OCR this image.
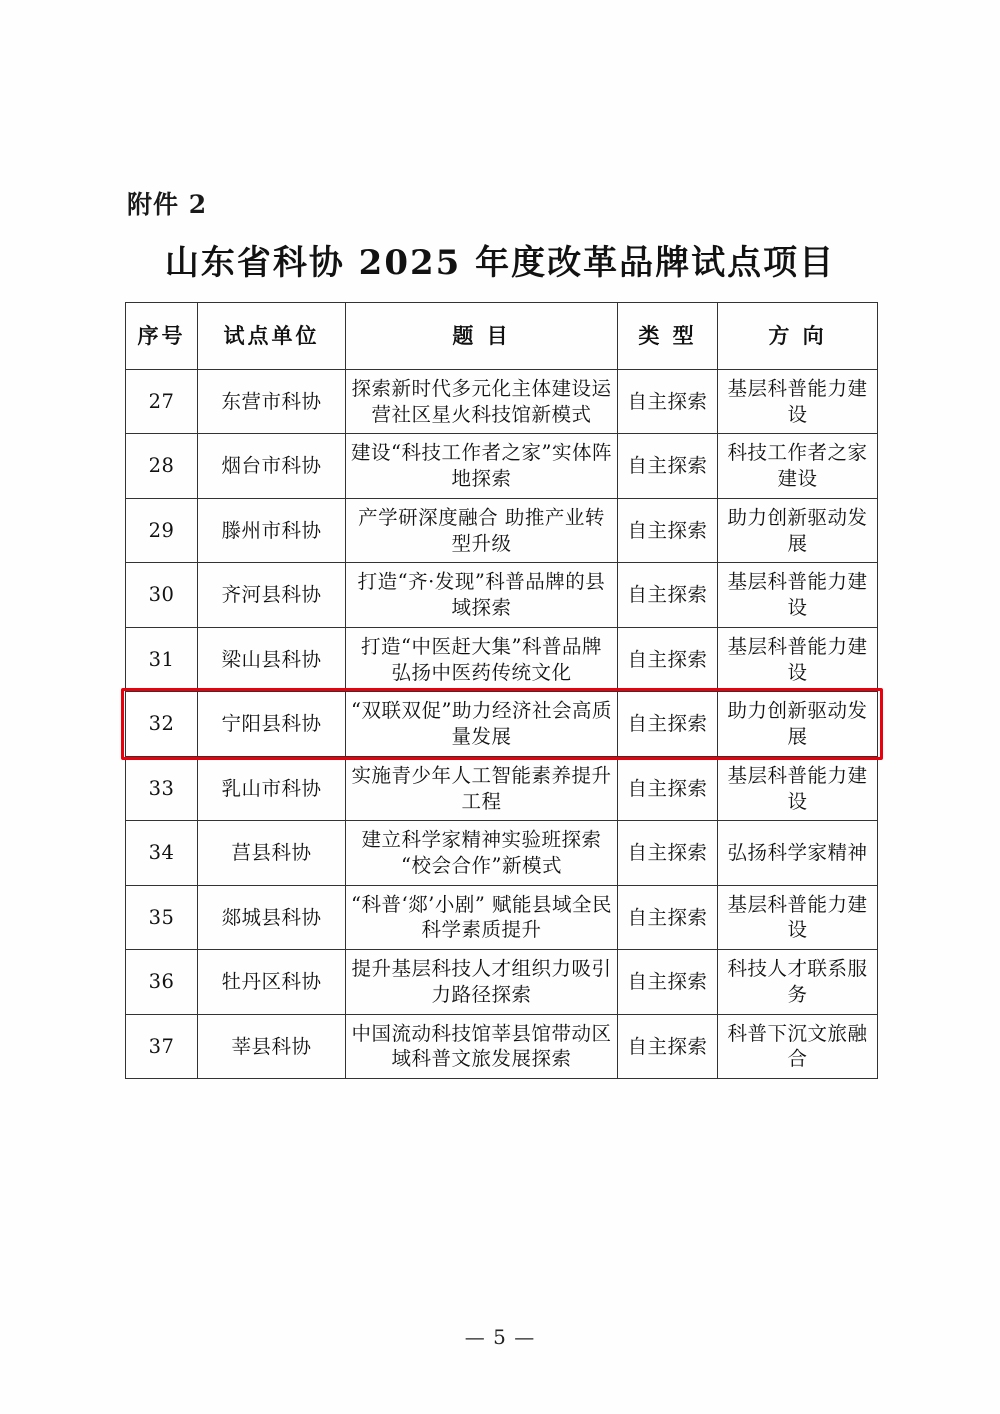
附件 2
山东省科协 2025 年度改革品牌试点项目
序号	试点单位	题 目	类 型	方 向
27	东营市科协	探索新时代多元化主体建设运营社区星火科技馆新模式	自主探索	基层科普能力建设
28	烟台市科协	建设“科技工作者之家”实体阵地探索	自主探索	科技工作者之家建设
29	滕州市科协	产学研深度融合 助推产业转型升级	自主探索	助力创新驱动发展
30	齐河县科协	打造“齐·发现”科普品牌的县域探索	自主探索	基层科普能力建设
31	梁山县科协	打造“中医赶大集”科普品牌 弘扬中医药传统文化	自主探索	基层科普能力建设
32	宁阳县科协	“双联双促”助力经济社会高质量发展	自主探索	助力创新驱动发展
33	乳山市科协	实施青少年人工智能素养提升工程	自主探索	基层科普能力建设
34	莒县科协	建立科学家精神实验班探索“校会合作”新模式	自主探索	弘扬科学家精神
35	郯城县科协	“科普‘郯’小剧” 赋能县域全民科学素质提升	自主探索	基层科普能力建设
36	牡丹区科协	提升基层科技人才组织力吸引力路径探索	自主探索	科技人才联系服务
37	莘县科协	中国流动科技馆莘县馆带动区域科普文旅发展探索	自主探索	科普下沉文旅融合
— 5 —
